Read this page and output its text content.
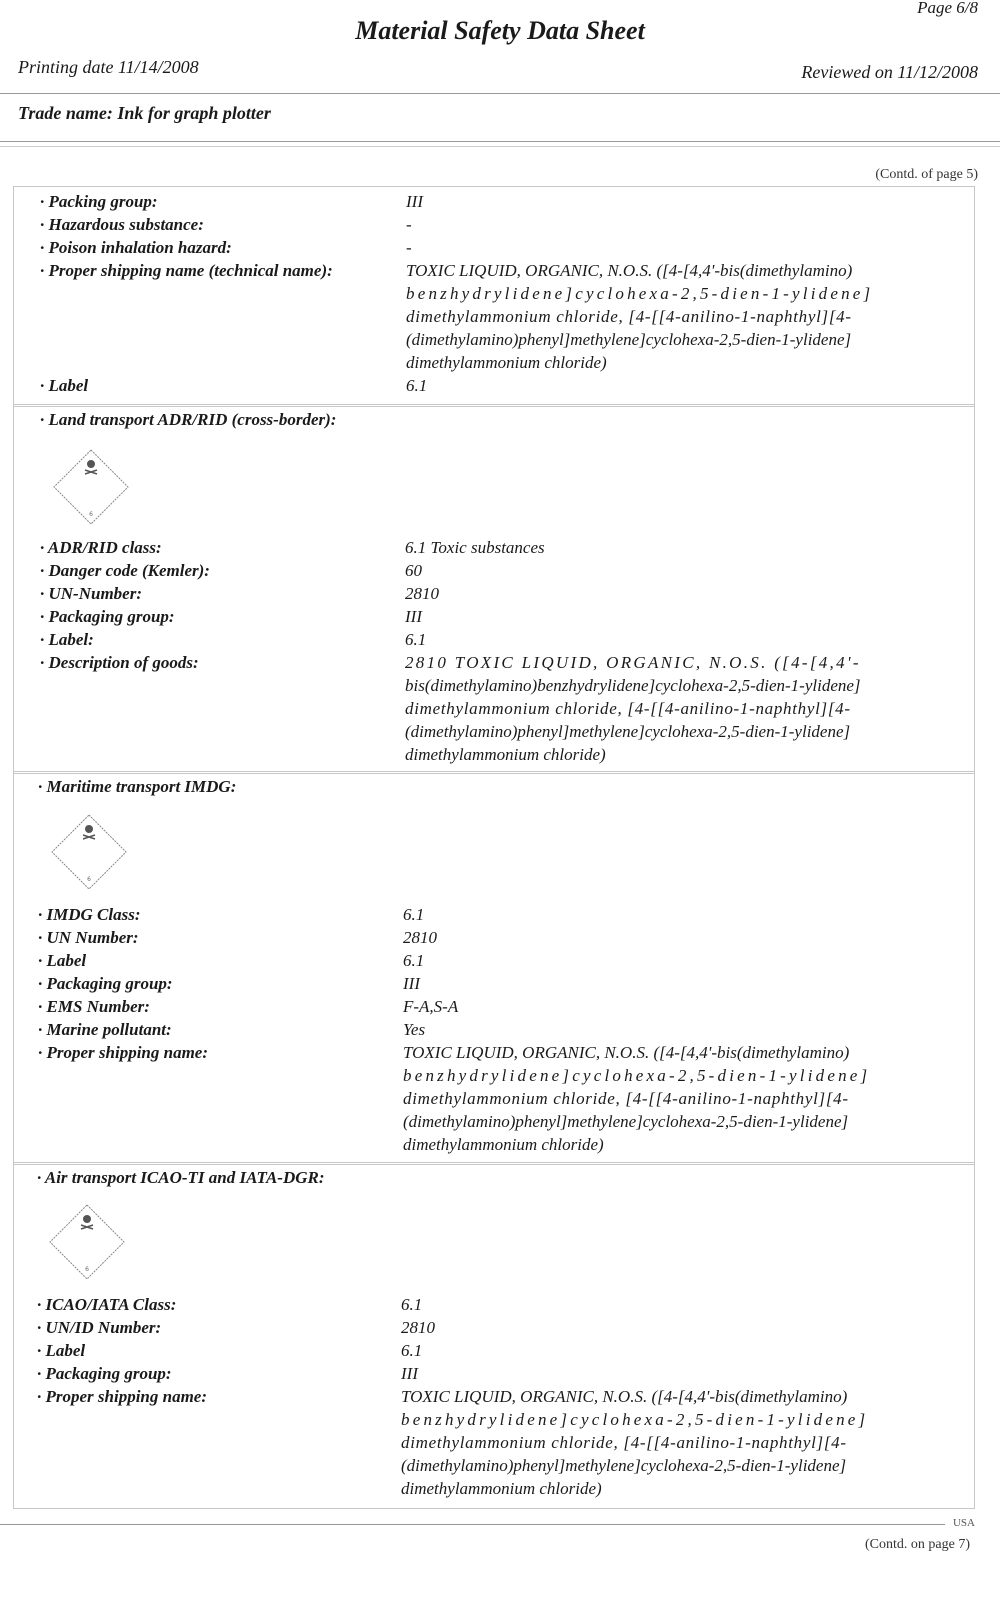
Page 6/8
Material Safety Data Sheet
Printing date 11/14/2008	Reviewed on 11/12/2008
Trade name: Ink for graph plotter
(Contd. of page 5)
· Packing group:	III
· Hazardous substance:	-
· Poison inhalation hazard:	-
· Proper shipping name (technical name):	TOXIC LIQUID, ORGANIC, N.O.S. ([4-[4,4'-bis(dimethylamino)
benzhydrylidene]cyclohexa-2,5-dien-1-ylidene]
dimethylammonium chloride, [4-[[4-anilino-1-naphthyl][4-
(dimethylamino)phenyl]methylene]cyclohexa-2,5-dien-1-ylidene]
dimethylammonium chloride)
· Label	6.1
· Land transport ADR/RID (cross-border):
6
· ADR/RID class:	6.1 Toxic substances
· Danger code (Kemler):	60
· UN-Number:	2810
· Packaging group:	III
· Label:	6.1
· Description of goods:	2810 TOXIC LIQUID, ORGANIC, N.O.S. ([4-[4,4'-
bis(dimethylamino)benzhydrylidene]cyclohexa-2,5-dien-1-ylidene]
dimethylammonium chloride, [4-[[4-anilino-1-naphthyl][4-
(dimethylamino)phenyl]methylene]cyclohexa-2,5-dien-1-ylidene]
dimethylammonium chloride)
· Maritime transport IMDG:
6
· IMDG Class:	6.1
· UN Number:	2810
· Label	6.1
· Packaging group:	III
· EMS Number:	F-A,S-A
· Marine pollutant:	Yes
· Proper shipping name:	TOXIC LIQUID, ORGANIC, N.O.S. ([4-[4,4'-bis(dimethylamino)
benzhydrylidene]cyclohexa-2,5-dien-1-ylidene]
dimethylammonium chloride, [4-[[4-anilino-1-naphthyl][4-
(dimethylamino)phenyl]methylene]cyclohexa-2,5-dien-1-ylidene]
dimethylammonium chloride)
· Air transport ICAO-TI and IATA-DGR:
6
· ICAO/IATA Class:	6.1
· UN/ID Number:	2810
· Label	6.1
· Packaging group:	III
· Proper shipping name:	TOXIC LIQUID, ORGANIC, N.O.S. ([4-[4,4'-bis(dimethylamino)
benzhydrylidene]cyclohexa-2,5-dien-1-ylidene]
dimethylammonium chloride, [4-[[4-anilino-1-naphthyl][4-
(dimethylamino)phenyl]methylene]cyclohexa-2,5-dien-1-ylidene]
dimethylammonium chloride)
USA
(Contd. on page 7)
